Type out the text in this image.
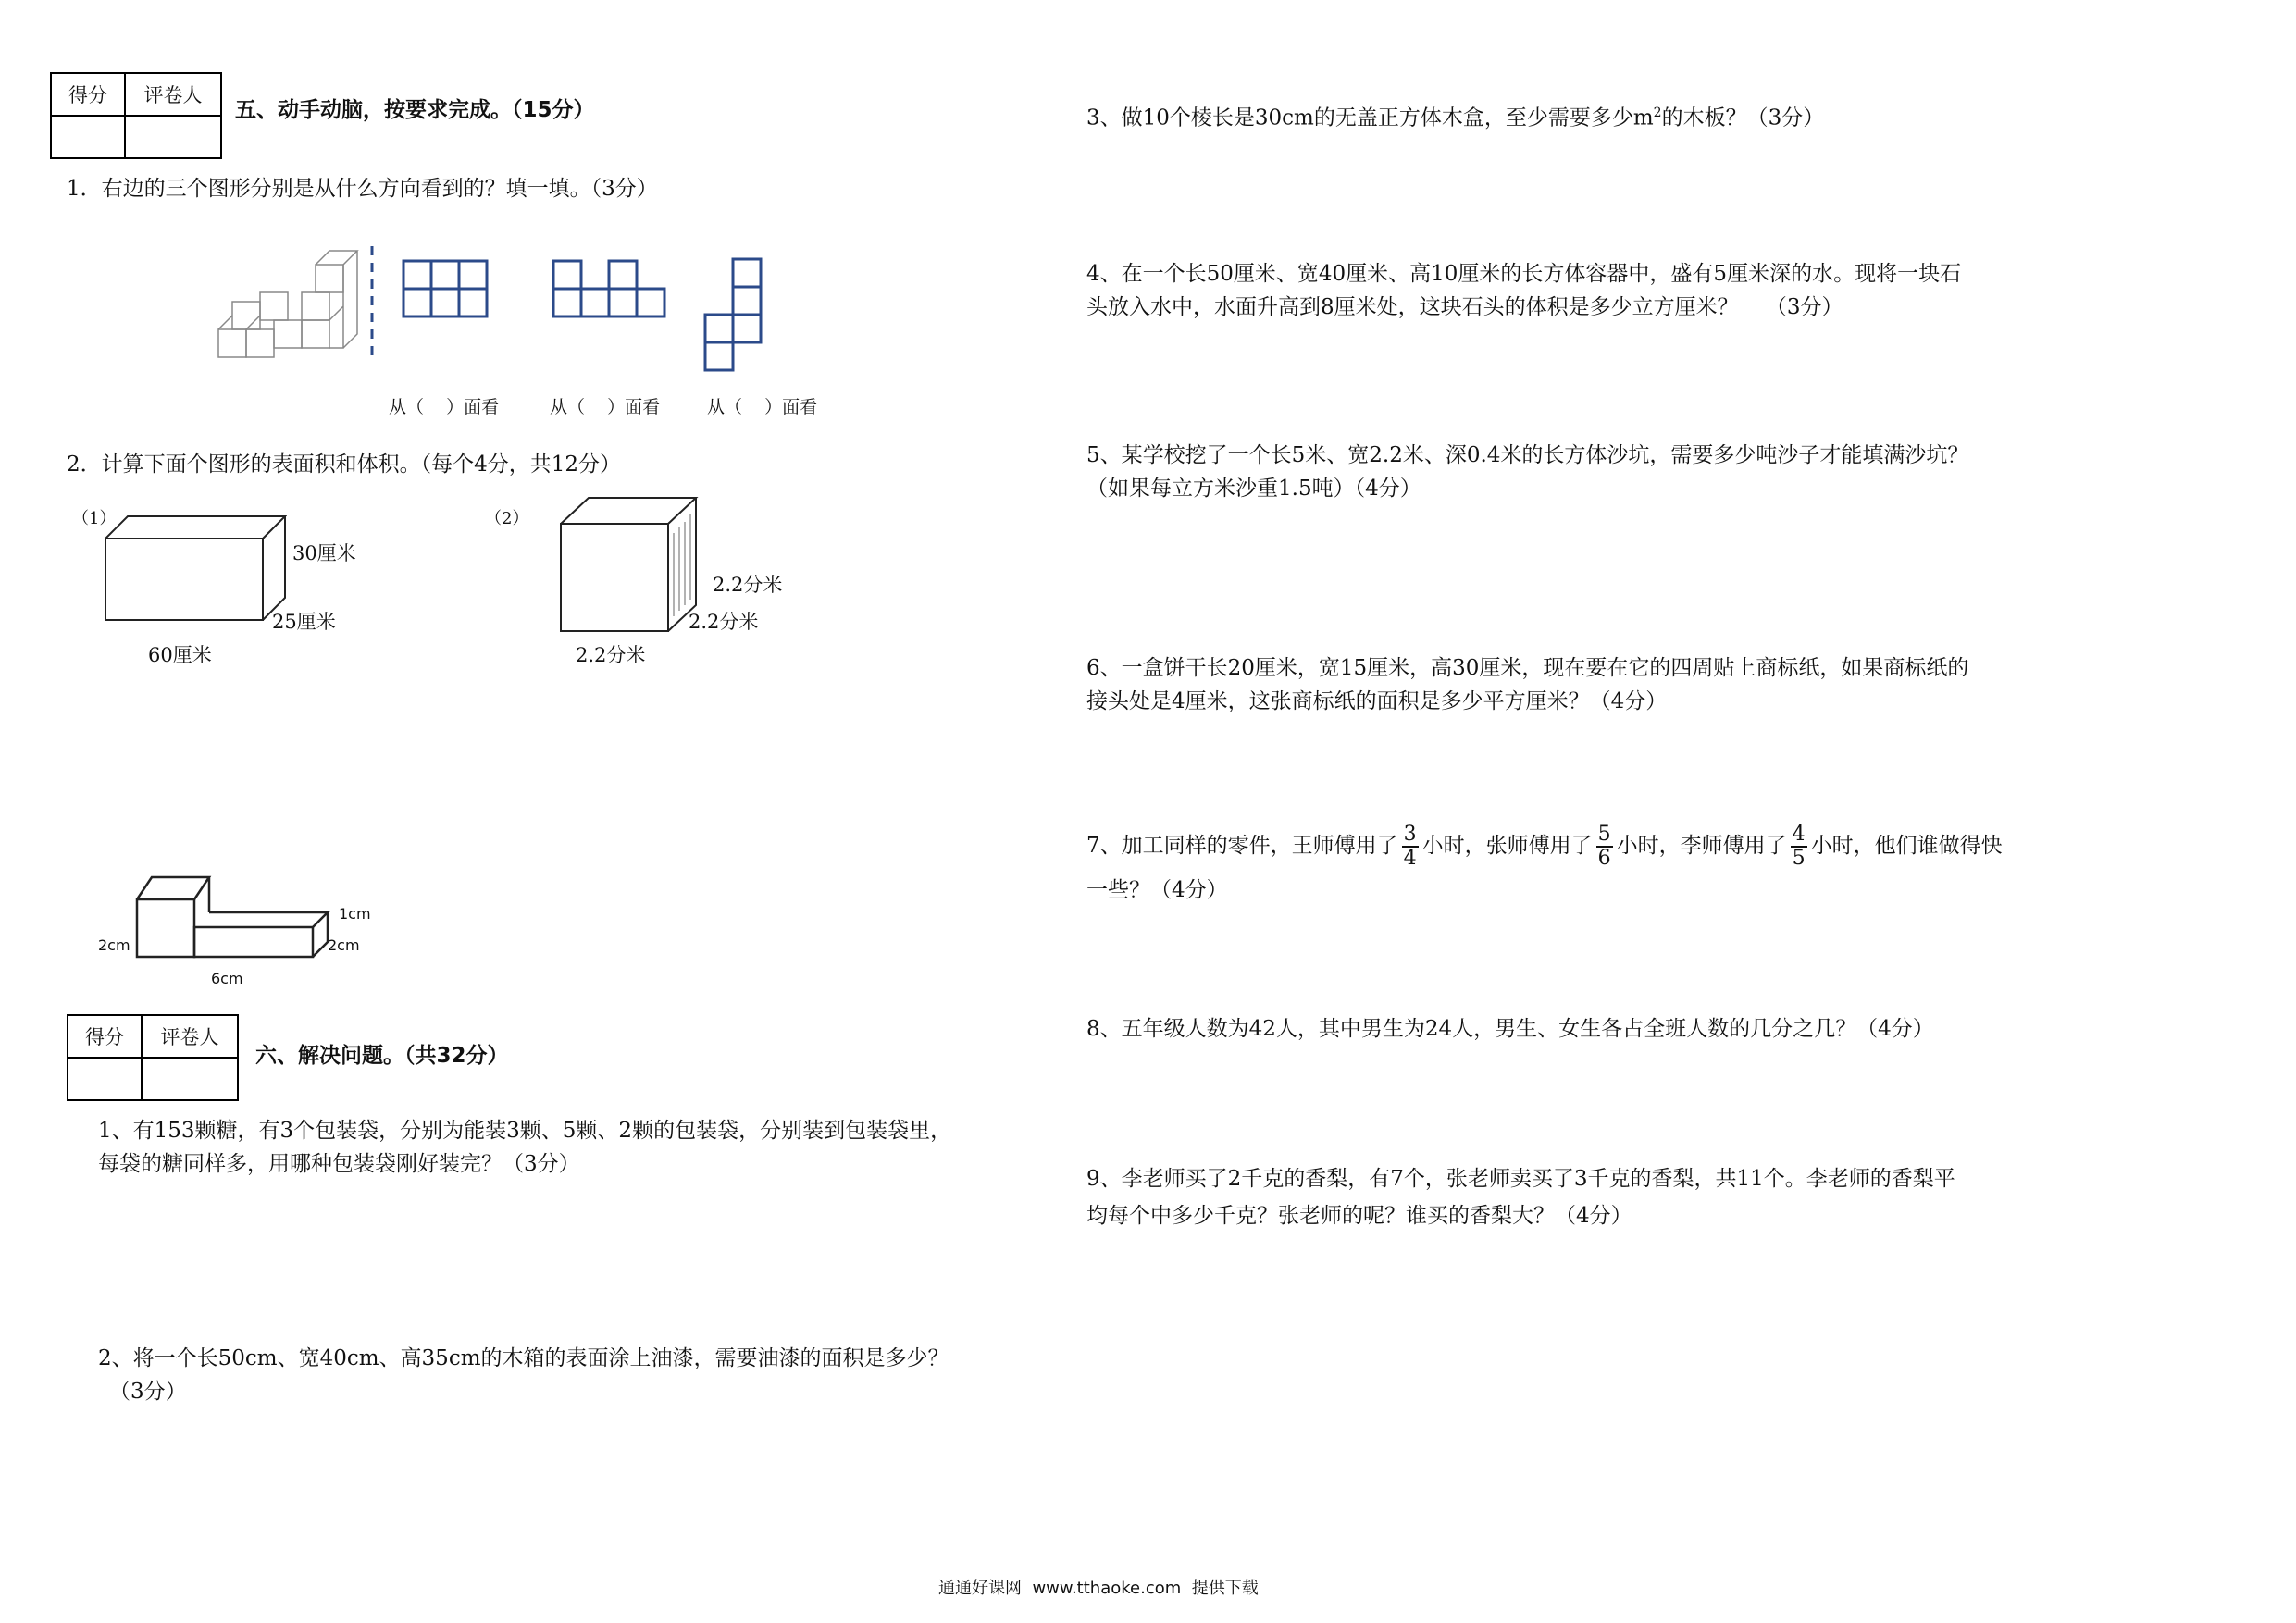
得分	评卷人

五、动手动脑，按要求完成。（15分）
1．右边的三个图形分别是从什么方向看到的？填一填。（3分）
从（    ）面看	从（    ）面看	从（    ）面看
2．计算下面个图形的表面积和体积。（每个4分，共12分）
（1）
30厘米
25厘米
60厘米
（2）
2.2分米
2.2分米
2.2分米
1cm
2cm	2cm
6cm
得分	评卷人

六、解决问题。（共32分）
1、有153颗糖，有3个包装袋，分别为能装3颗、5颗、2颗的包装袋，分别装到包装袋里，
每袋的糖同样多，用哪种包装袋刚好装完？（3分）
2、将一个长50cm、宽40cm、高35cm的木箱的表面涂上油漆，需要油漆的面积是多少？
（3分）
3、做10个棱长是30cm的无盖正方体木盒，至少需要多少$m^2$的木板？（3分）
4、在一个长50厘米、宽40厘米、高10厘米的长方体容器中，盛有5厘米深的水。现将一块石
头放入水中，水面升高到8厘米处，这块石头的体积是多少立方厘米？    （3分）
5、某学校挖了一个长5米、宽2.2米、深0.4米的长方体沙坑，需要多少吨沙子才能填满沙坑？
（如果每立方米沙重1.5吨）（4分）
6、一盒饼干长20厘米，宽15厘米，高30厘米，现在要在它的四周贴上商标纸，如果商标纸的
接头处是4厘米，这张商标纸的面积是多少平方厘米？（4分）
7、加工同样的零件，王师傅用了 $\frac{3}{4}$ 小时，张师傅用了 $\frac{5}{6}$ 小时，李师傅用了 $\frac{4}{5}$ 小时，他们谁做得快
一些？（4分）
8、五年级人数为42人，其中男生为24人，男生、女生各占全班人数的几分之几？（4分）
9、李老师买了2千克的香梨，有7个，张老师卖买了3千克的香梨，共11个。李老师的香梨平
均每个中多少千克？张老师的呢？谁买的香梨大？（4分）
通通好课网  www.tthaoke.com  提供下载
